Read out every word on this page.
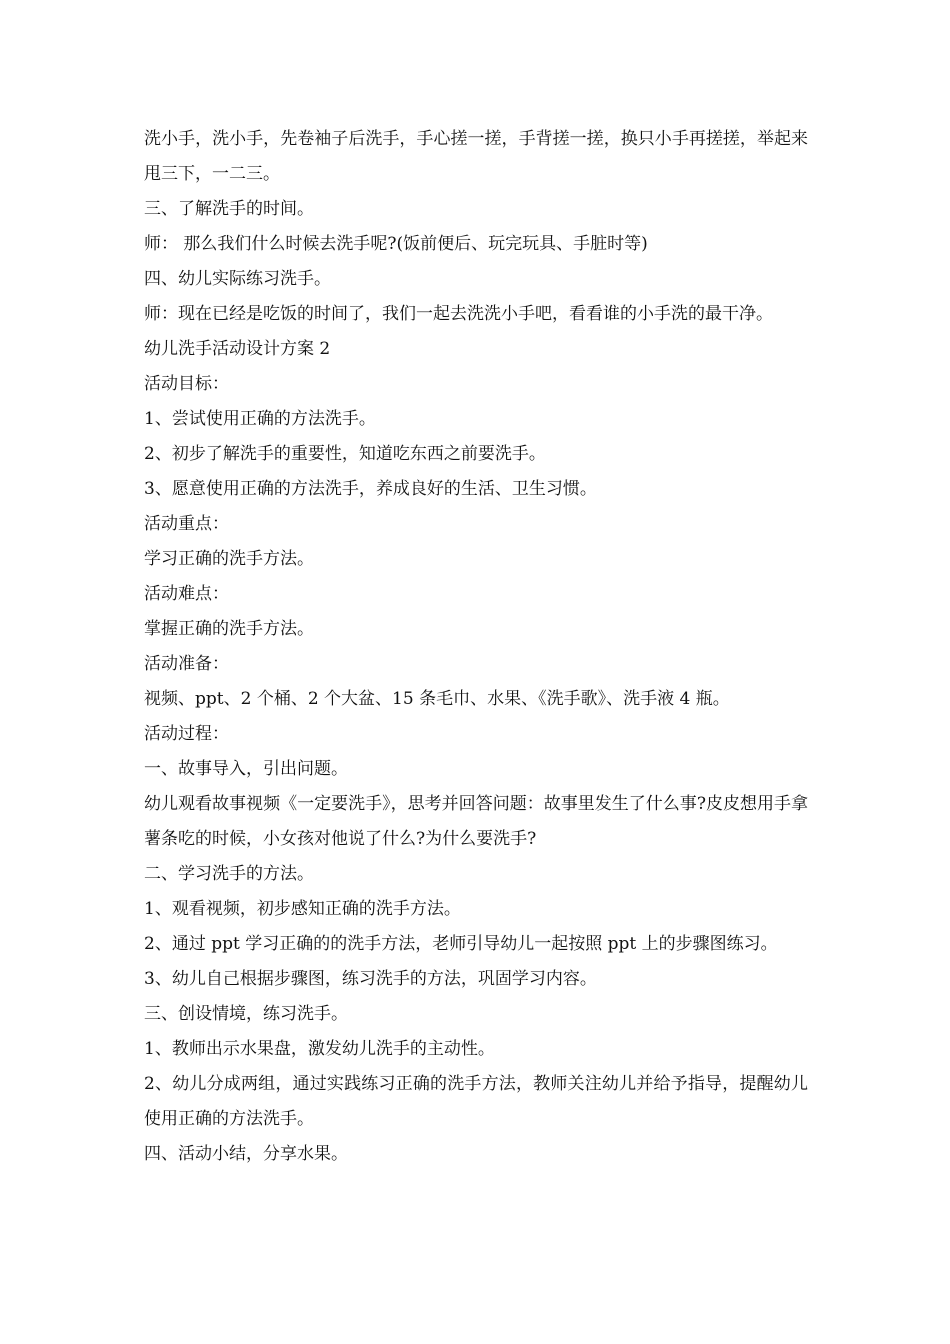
洗小手，洗小手，先卷袖子后洗手，手心搓一搓，手背搓一搓，换只小手再搓搓，举起来甩三下，一二三。

三、了解洗手的时间。

师： 那么我们什么时候去洗手呢?(饭前便后、玩完玩具、手脏时等)

四、幼儿实际练习洗手。

师：现在已经是吃饭的时间了，我们一起去洗洗小手吧，看看谁的小手洗的最干净。

幼儿洗手活动设计方案 2

活动目标：

1、尝试使用正确的方法洗手。

2、初步了解洗手的重要性，知道吃东西之前要洗手。

3、愿意使用正确的方法洗手，养成良好的生活、卫生习惯。

活动重点：

学习正确的洗手方法。

活动难点：

掌握正确的洗手方法。

活动准备：

视频、ppt、2 个桶、2 个大盆、15 条毛巾、水果、《洗手歌》、洗手液 4 瓶。

活动过程：

一、故事导入，引出问题。

幼儿观看故事视频《一定要洗手》，思考并回答问题：故事里发生了什么事?皮皮想用手拿薯条吃的时候，小女孩对他说了什么?为什么要洗手?

二、学习洗手的方法。

1、观看视频，初步感知正确的洗手方法。

2、通过 ppt 学习正确的的洗手方法，老师引导幼儿一起按照 ppt 上的步骤图练习。

3、幼儿自己根据步骤图，练习洗手的方法，巩固学习内容。

三、创设情境，练习洗手。

1、教师出示水果盘，激发幼儿洗手的主动性。

2、幼儿分成两组，通过实践练习正确的洗手方法，教师关注幼儿并给予指导，提醒幼儿使用正确的方法洗手。

四、活动小结，分享水果。
